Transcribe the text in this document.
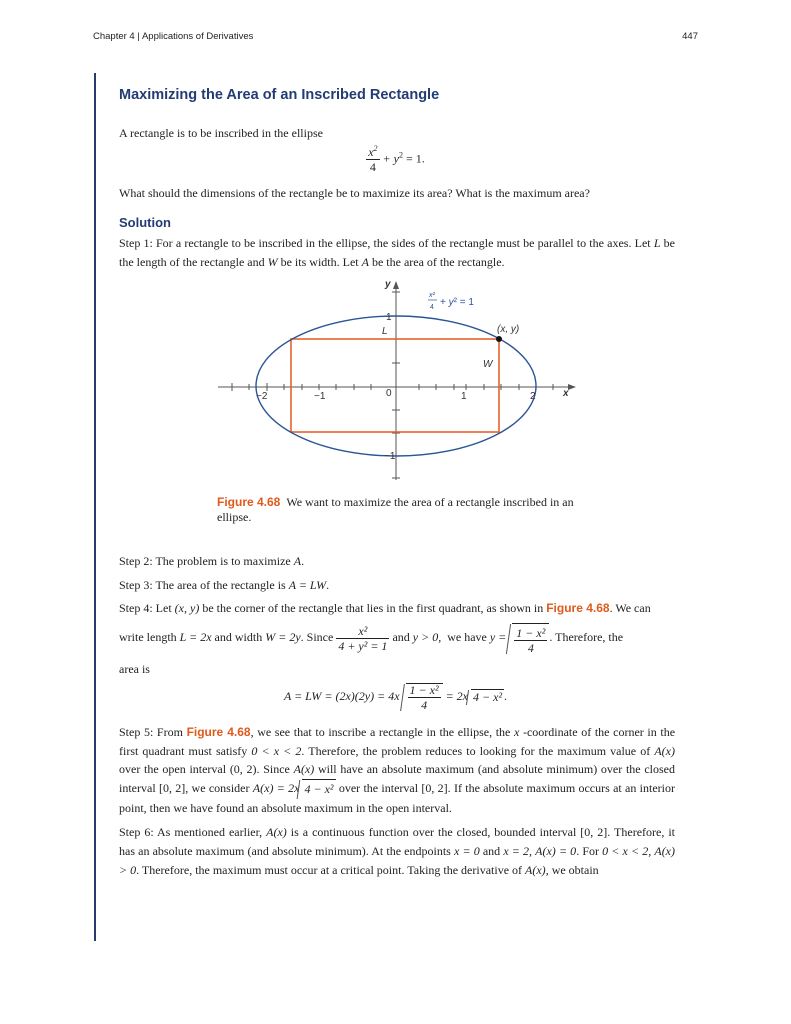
Chapter 4 | Applications of Derivatives	447
Maximizing the Area of an Inscribed Rectangle
A rectangle is to be inscribed in the ellipse
$\frac{x^2}{4} + y^2 = 1$.
What should the dimensions of the rectangle be to maximize its area? What is the maximum area?
Solution
Step 1: For a rectangle to be inscribed in the ellipse, the sides of the rectangle must be parallel to the axes. Let L be the length of the rectangle and W be its width. Let A be the area of the rectangle.
−2	−1	0	1	2
1
−1
x
y
L
W
(x, y)
x²
4 + y² = 1
Figure 4.68 We want to maximize the area of a rectangle inscribed in an ellipse.
Step 2: The problem is to maximize A.
Step 3: The area of the rectangle is A = LW.
Step 4: Let (x, y) be the corner of the rectangle that lies in the first quadrant, as shown in Figure 4.68. We can
write length L = 2x and width W = 2y. Since $\frac{\text{x²}}{\text{4 + y² = 1}}$ and y > 0,  we have $y = \frac{\text{1 − x²}}{4}$ . Therefore, the
area is
A = LW = $(2x)(2y) = 4x \frac{\text{1 − x²}}{4} = 2x$ 4 − x² .
Step 5: From Figure 4.68, we see that to inscribe a rectangle in the ellipse, the x -coordinate of the corner in the first quadrant must satisfy 0 < x < 2. Therefore, the problem reduces to looking for the maximum value of A(x) over the open interval (0, 2). Since A(x) will have an absolute maximum (and absolute minimum) over the closed interval [0, 2], we consider A(x) = 2x 4 − x² over the interval [0, 2]. If the absolute maximum occurs at an interior point, then we have found an absolute maximum in the open interval.
Step 6: As mentioned earlier, A(x) is a continuous function over the closed, bounded interval [0, 2]. Therefore, it has an absolute maximum (and absolute minimum). At the endpoints x = 0 and x = 2, A(x) = 0. For 0 < x < 2, A(x) > 0. Therefore, the maximum must occur at a critical point. Taking the derivative of A(x), we obtain
